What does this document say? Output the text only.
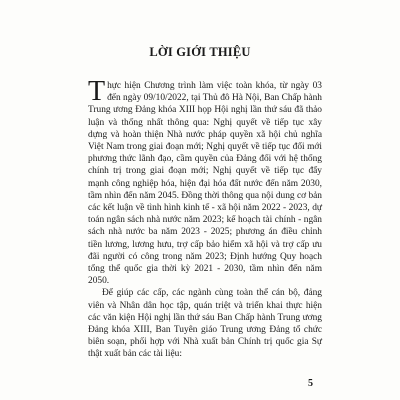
LỜI GIỚI THIỆU

Thực hiện Chương trình làm việc toàn khóa, từ ngày 03 đến ngày 09/10/2022, tại Thủ đô Hà Nội, Ban Chấp hành Trung ương Đảng khóa XIII họp Hội nghị lần thứ sáu đã thảo luận và thống nhất thông qua: Nghị quyết về tiếp tục xây dựng và hoàn thiện Nhà nước pháp quyền xã hội chủ nghĩa Việt Nam trong giai đoạn mới; Nghị quyết về tiếp tục đổi mới phương thức lãnh đạo, cầm quyền của Đảng đối với hệ thống chính trị trong giai đoạn mới; Nghị quyết về tiếp tục đẩy mạnh công nghiệp hóa, hiện đại hóa đất nước đến năm 2030, tầm nhìn đến năm 2045. Đồng thời thông qua nội dung cơ bản các kết luận về tình hình kinh tế - xã hội năm 2022 - 2023, dự toán ngân sách nhà nước năm 2023; kế hoạch tài chính - ngân sách nhà nước ba năm 2023 - 2025; phương án điều chỉnh tiền lương, lương hưu, trợ cấp bảo hiểm xã hội và trợ cấp ưu đãi người có công trong năm 2023; Định hướng Quy hoạch tổng thể quốc gia thời kỳ 2021 - 2030, tầm nhìn đến năm 2050.

Để giúp các cấp, các ngành cùng toàn thể cán bộ, đảng viên và Nhân dân học tập, quán triệt và triển khai thực hiện các văn kiện Hội nghị lần thứ sáu Ban Chấp hành Trung ương Đảng khóa XIII, Ban Tuyên giáo Trung ương Đảng tổ chức biên soạn, phối hợp với Nhà xuất bản Chính trị quốc gia Sự thật xuất bản các tài liệu:

5
